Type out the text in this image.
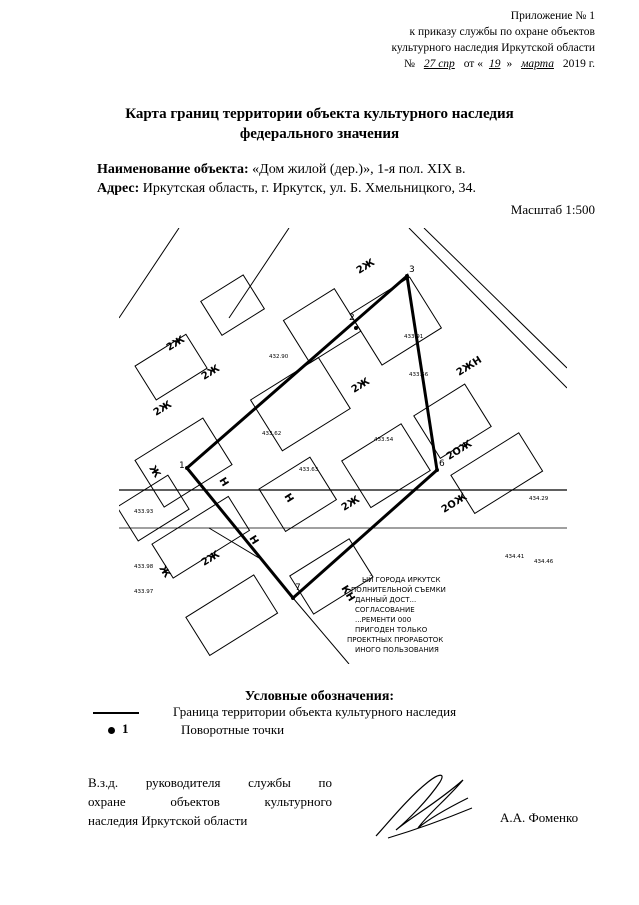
Приложение № 1
к приказу службы по охране объектов
культурного наследия Иркутской области
№ 27 спр от « 19 » марта 2019 г.
Карта границ территории объекта культурного наследия
федерального значения
Наименование объекта: «Дом жилой (дер.)», 1-я пол. XIX в.
Адрес: Иркутская область, г. Иркутск, ул. Б. Хмельницкого, 34.
Масштаб 1:500
2Ж
2Ж
2Ж
2Ж
2Ж
2Ж
2Ж
2ЖН
2ОЖ
2ОЖ
КН
Н
Н
Н
Ж
Ж
1
2
3
6
7
433.62
433.63
433.54
433.93
433.56
433.91
433.98
433.97
434.41
434.46
434.29
432.90
ЫЙ ГОРОДА ИРКУТСК
ПОЛНИТЕЛЬНОЙ СЪЕМКИ
ДАННЫЙ ДОСТ...
СОГЛАСОВАНИЕ
...РЕМЕНТИ 000
ПРИГОДЕН ТОЛЬКО
ПРОЕКТНЫХ ПРОРАБОТОК
ИНОГО ПОЛЬЗОВАНИЯ
Условные обозначения:
Граница территории объекта культурного наследия
1	Поворотные точки
В.з.д. руководителя службы по
охране объектов культурного
наследия Иркутской области	А.А. Фоменко
